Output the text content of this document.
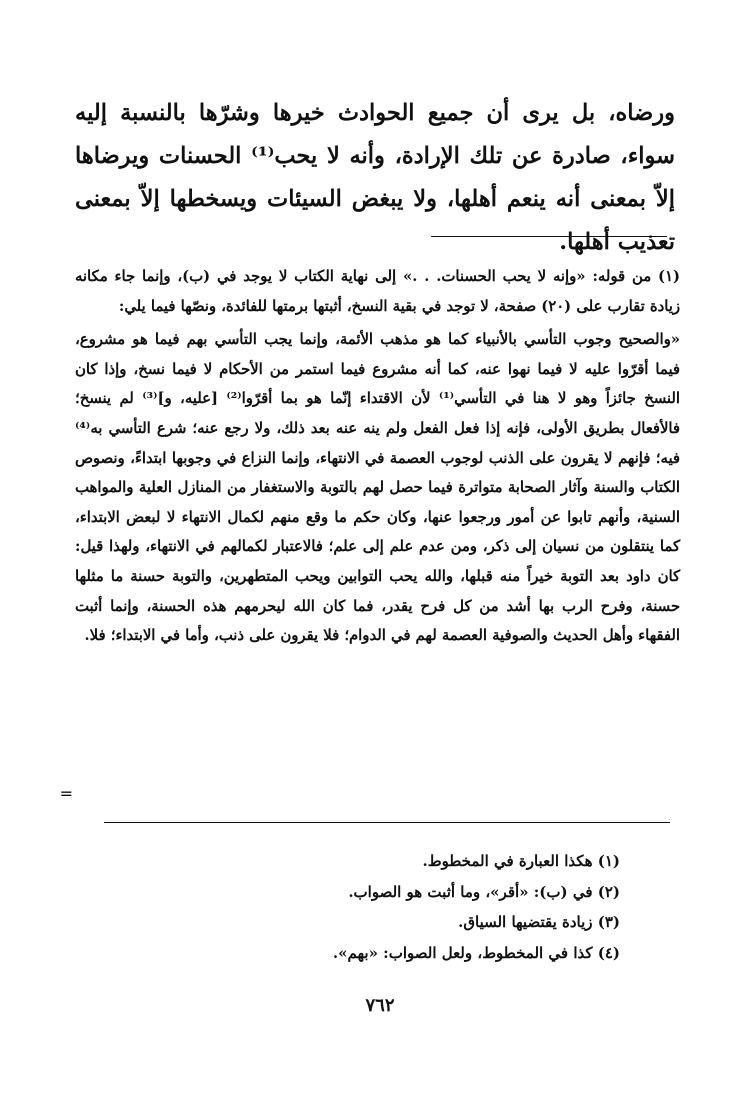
ورضاه، بل يرى أن جميع الحوادث خيرها وشرّها بالنسبة إليه سواء، صادرة عن تلك الإرادة، وأنه لا يحب⁽¹⁾ الحسنات ويرضاها إلاّ بمعنى أنه ينعم أهلها، ولا يبغض السيئات ويسخطها إلاّ بمعنى تعذيب أهلها.

(١) من قوله: «وإنه لا يحب الحسنات. . .» إلى نهاية الكتاب لا يوجد في (ب)، وإنما جاء مكانه زيادة تقارب على (٢٠) صفحة، لا توجد في بقية النسخ، أثبتها برمتها للفائدة، ونصّها فيما يلي:

«والصحيح وجوب التأسي بالأنبياء كما هو مذهب الأئمة، وإنما يجب التأسي بهم فيما هو مشروع، فيما أقرّوا عليه لا فيما نهوا عنه، كما أنه مشروع فيما استمر من الأحكام لا فيما نسخ، وإذا كان النسخ جائزاً وهو لا هنا في التأسي⁽¹⁾ لأن الاقتداء إنّما هو بما أقرّوا⁽²⁾ [عليه، و]⁽³⁾ لم ينسخ؛ فالأفعال بطريق الأولى، فإنه إذا فعل الفعل ولم ينه عنه بعد ذلك، ولا رجع عنه؛ شرع التأسي به⁽⁴⁾ فيه؛ فإنهم لا يقرون على الذنب لوجوب العصمة في الانتهاء، وإنما النزاع في وجوبها ابتداءً، ونصوص الكتاب والسنة وآثار الصحابة متواترة فيما حصل لهم بالتوبة والاستغفار من المنازل العلية والمواهب السنية، وأنهم تابوا عن أمور ورجعوا عنها، وكان حكم ما وقع منهم لكمال الانتهاء لا لبعض الابتداء، كما ينتقلون من نسيان إلى ذكر، ومن عدم علم إلى علم؛ فالاعتبار لكمالهم في الانتهاء، ولهذا قيل: كان داود بعد التوبة خيراً منه قبلها، والله يحب التوابين ويحب المتطهرين، والتوبة حسنة ما مثلها حسنة، وفرح الرب بها أشد من كل فرح يقدر، فما كان الله ليحرمهم هذه الحسنة، وإنما أثبت الفقهاء وأهل الحديث والصوفية العصمة لهم في الدوام؛ فلا يقرون على ذنب، وأما في الابتداء؛ فلا.

=
(١) هكذا العبارة في المخطوط.
(٢) في (ب): «أقر»، وما أثبت هو الصواب.
(٣) زيادة يقتضيها السياق.
(٤) كذا في المخطوط، ولعل الصواب: «بهم».
٧٦٢
